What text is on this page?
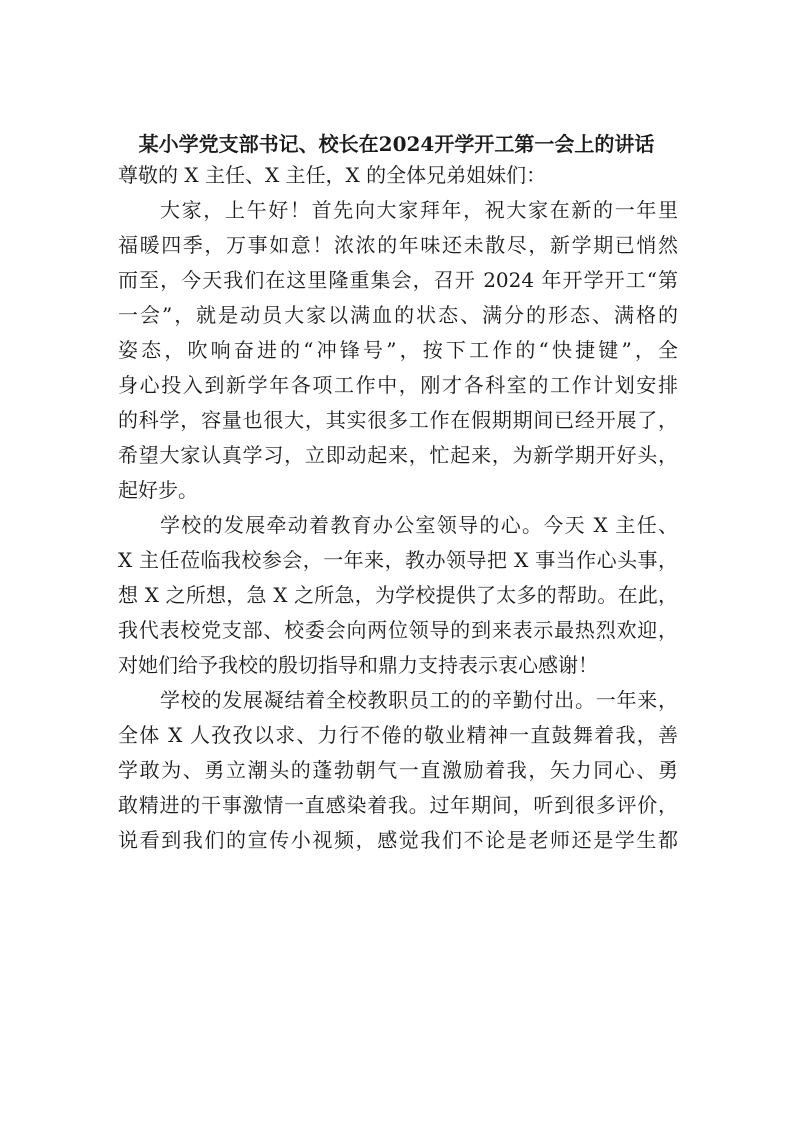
某小学党支部书记、校长在2024开学开工第一会上的讲话
尊敬的 X 主任、X 主任，X 的全体兄弟姐妹们：
大家，上午好！首先向大家拜年，祝大家在新的一年里
福暖四季，万事如意！浓浓的年味还未散尽，新学期已悄然
而至，今天我们在这里隆重集会，召开 2024 年开学开工“第
一会”，就是动员大家以满血的状态、满分的形态、满格的
姿态，吹响奋进的“冲锋号”，按下工作的“快捷键”，全
身心投入到新学年各项工作中，刚才各科室的工作计划安排
的科学，容量也很大，其实很多工作在假期期间已经开展了，
希望大家认真学习，立即动起来，忙起来，为新学期开好头，
起好步。
学校的发展牵动着教育办公室领导的心。今天 X 主任、
X 主任莅临我校参会，一年来，教办领导把 X 事当作心头事，
想 X 之所想，急 X 之所急，为学校提供了太多的帮助。在此，
我代表校党支部、校委会向两位领导的到来表示最热烈欢迎，
对她们给予我校的殷切指导和鼎力支持表示衷心感谢！
学校的发展凝结着全校教职员工的的辛勤付出。一年来，
全体 X 人孜孜以求、力行不倦的敬业精神一直鼓舞着我，善
学敢为、勇立潮头的蓬勃朝气一直激励着我，矢力同心、勇
敢精进的干事激情一直感染着我。过年期间，听到很多评价，
说看到我们的宣传小视频，感觉我们不论是老师还是学生都
